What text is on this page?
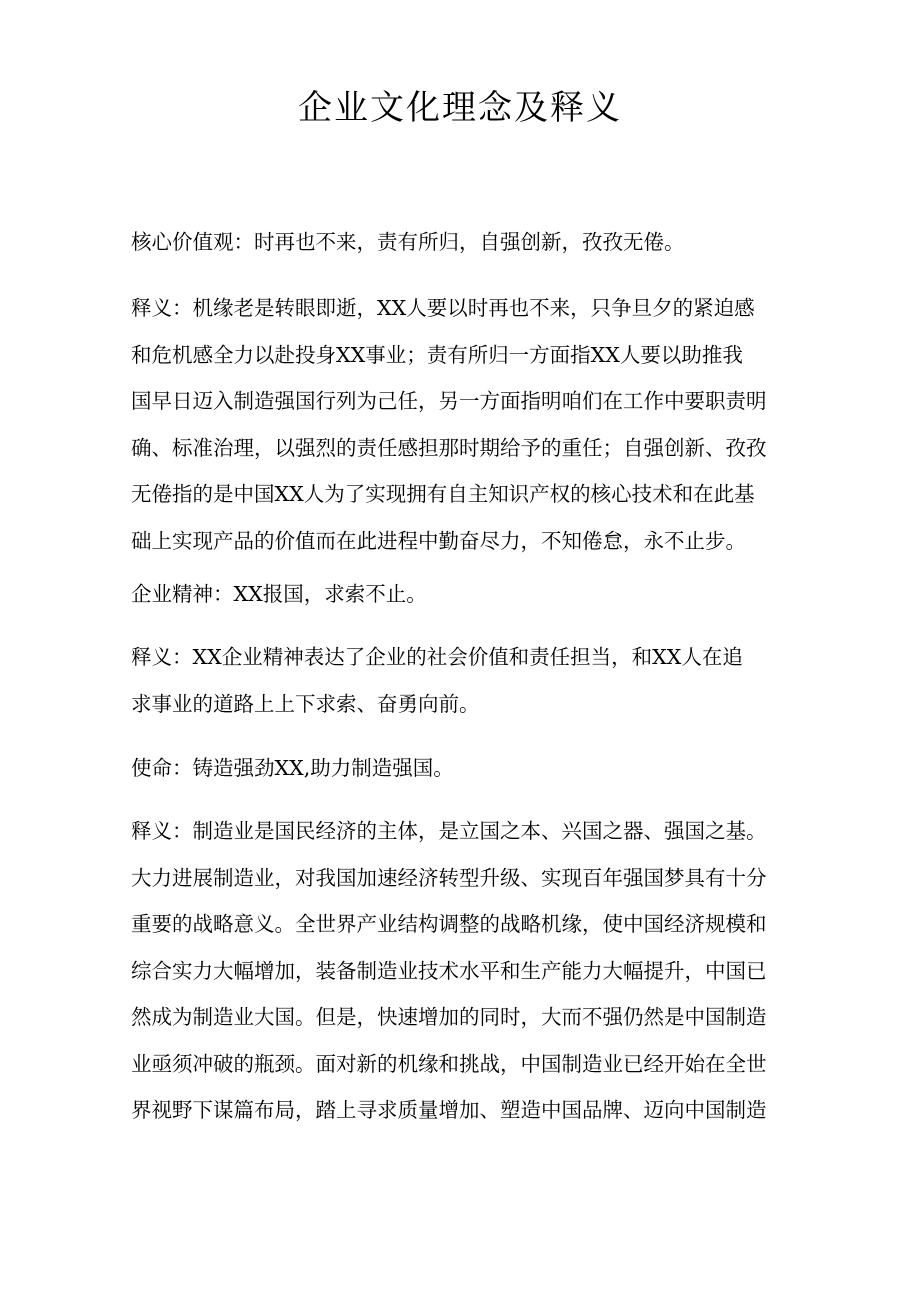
企业文化理念及释义

核心价值观：时再也不来，责有所归，自强创新，孜孜无倦。

释义：机缘老是转眼即逝，XX人要以时再也不来，只争旦夕的紧迫感
和危机感全力以赴投身XX事业；责有所归一方面指XX人要以助推我
国早日迈入制造强国行列为己任，另一方面指明咱们在工作中要职责明
确、标准治理，以强烈的责任感担那时期给予的重任；自强创新、孜孜
无倦指的是中国XX人为了实现拥有自主知识产权的核心技术和在此基
础上实现产品的价值而在此进程中勤奋尽力，不知倦怠，永不止步。

企业精神：XX报国，求索不止。

释义：XX企业精神表达了企业的社会价值和责任担当，和XX人在追
求事业的道路上上下求索、奋勇向前。

使命：铸造强劲XX,助力制造强国。

释义：制造业是国民经济的主体，是立国之本、兴国之器、强国之基。
大力进展制造业，对我国加速经济转型升级、实现百年强国梦具有十分
重要的战略意义。全世界产业结构调整的战略机缘，使中国经济规模和
综合实力大幅增加，装备制造业技术水平和生产能力大幅提升，中国已
然成为制造业大国。但是，快速增加的同时，大而不强仍然是中国制造
业亟须冲破的瓶颈。面对新的机缘和挑战，中国制造业已经开始在全世
界视野下谋篇布局，踏上寻求质量增加、塑造中国品牌、迈向中国制造
